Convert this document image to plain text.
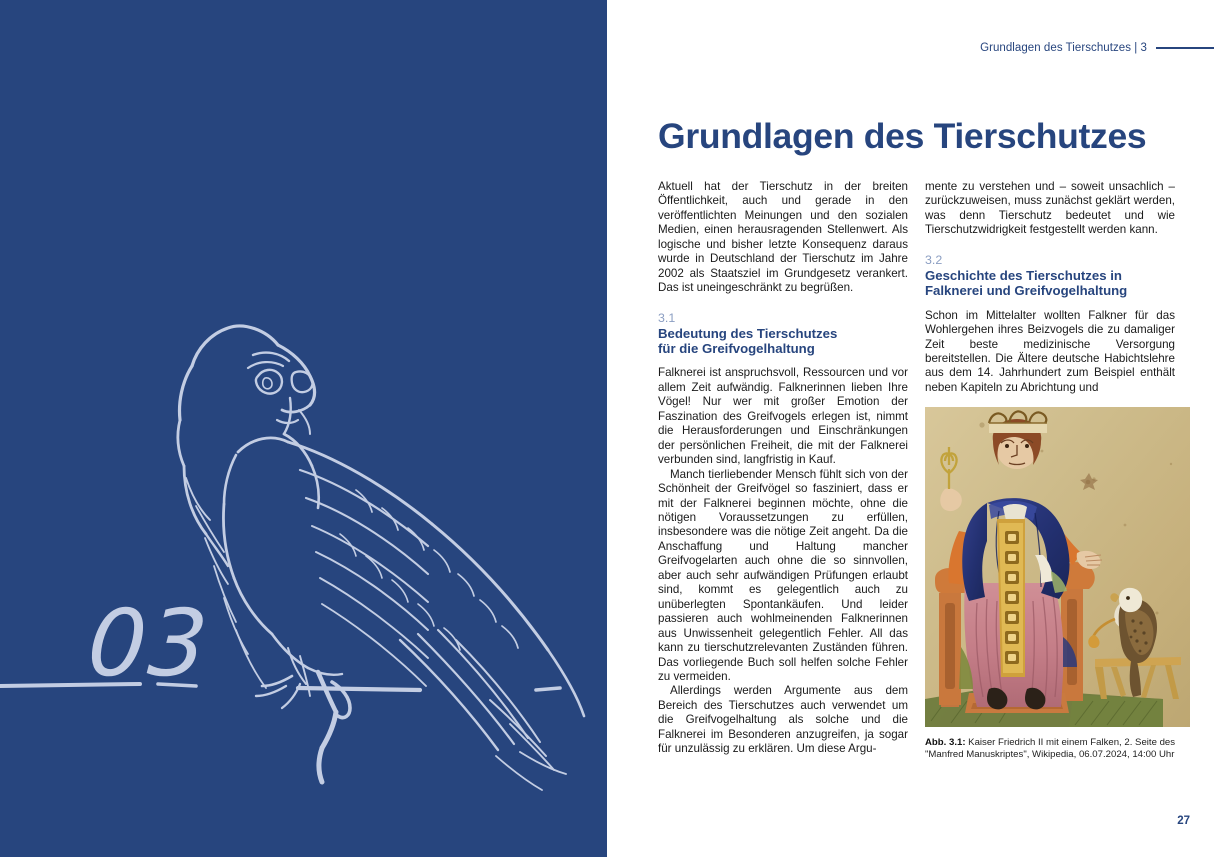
03
Grundlagen des Tierschutzes | 3
Grundlagen des Tierschutzes

Aktuell hat der Tierschutz in der breiten Öffentlichkeit, auch und gerade in den veröffentlichten Meinungen und den sozialen Medien, einen herausragenden Stellenwert. Als logische und bisher letzte Konsequenz daraus wurde in Deutschland der Tierschutz im Jahre 2002 als Staatsziel im Grundgesetz verankert. Das ist uneingeschränkt zu begrüßen.

3.1
Bedeutung des Tierschutzes
für die Greifvogelhaltung

Falknerei ist anspruchsvoll, Ressourcen und vor allem Zeit aufwändig. Falknerinnen lieben Ihre Vögel! Nur wer mit großer Emotion der Faszination des Greifvogels erlegen ist, nimmt die Herausforderungen und Einschränkungen der persönlichen Freiheit, die mit der Falknerei verbunden sind, langfristig in Kauf.

Manch tierliebender Mensch fühlt sich von der Schönheit der Greifvögel so fasziniert, dass er mit der Falknerei beginnen möchte, ohne die nötigen Voraussetzungen zu erfüllen, insbesondere was die nötige Zeit angeht. Da die Anschaffung und Haltung mancher Greifvogelarten auch ohne die so sinnvollen, aber auch sehr aufwändigen Prüfungen erlaubt sind, kommt es gelegentlich auch zu unüberlegten Spontankäufen. Und leider passieren auch wohlmeinenden Falknerinnen aus Unwissenheit gelegentlich Fehler. All das kann zu tierschutzrelevanten Zuständen führen. Das vorliegende Buch soll helfen solche Fehler zu vermeiden.

Allerdings werden Argumente aus dem Bereich des Tierschutzes auch verwendet um die Greifvogelhaltung als solche und die Falknerei im Besonderen anzugreifen, ja sogar für unzulässig zu erklären. Um diese Argu-

mente zu verstehen und – soweit unsachlich – zurückzuweisen, muss zunächst geklärt werden, was denn Tierschutz bedeutet und wie Tierschutzwidrigkeit festgestellt werden kann.

3.2
Geschichte des Tierschutzes in
Falknerei und Greifvogelhaltung

Schon im Mittelalter wollten Falkner für das Wohlergehen ihres Beizvogels die zu damaliger Zeit beste medizinische Versorgung bereitstellen. Die Ältere deutsche Habichtslehre aus dem 14. Jahrhundert zum Beispiel enthält neben Kapiteln zu Abrichtung und

Abb. 3.1: Kaiser Friedrich II mit einem Falken, 2. Seite des "Manfred Manuskriptes", Wikipedia, 06.07.2024, 14:00 Uhr
27
